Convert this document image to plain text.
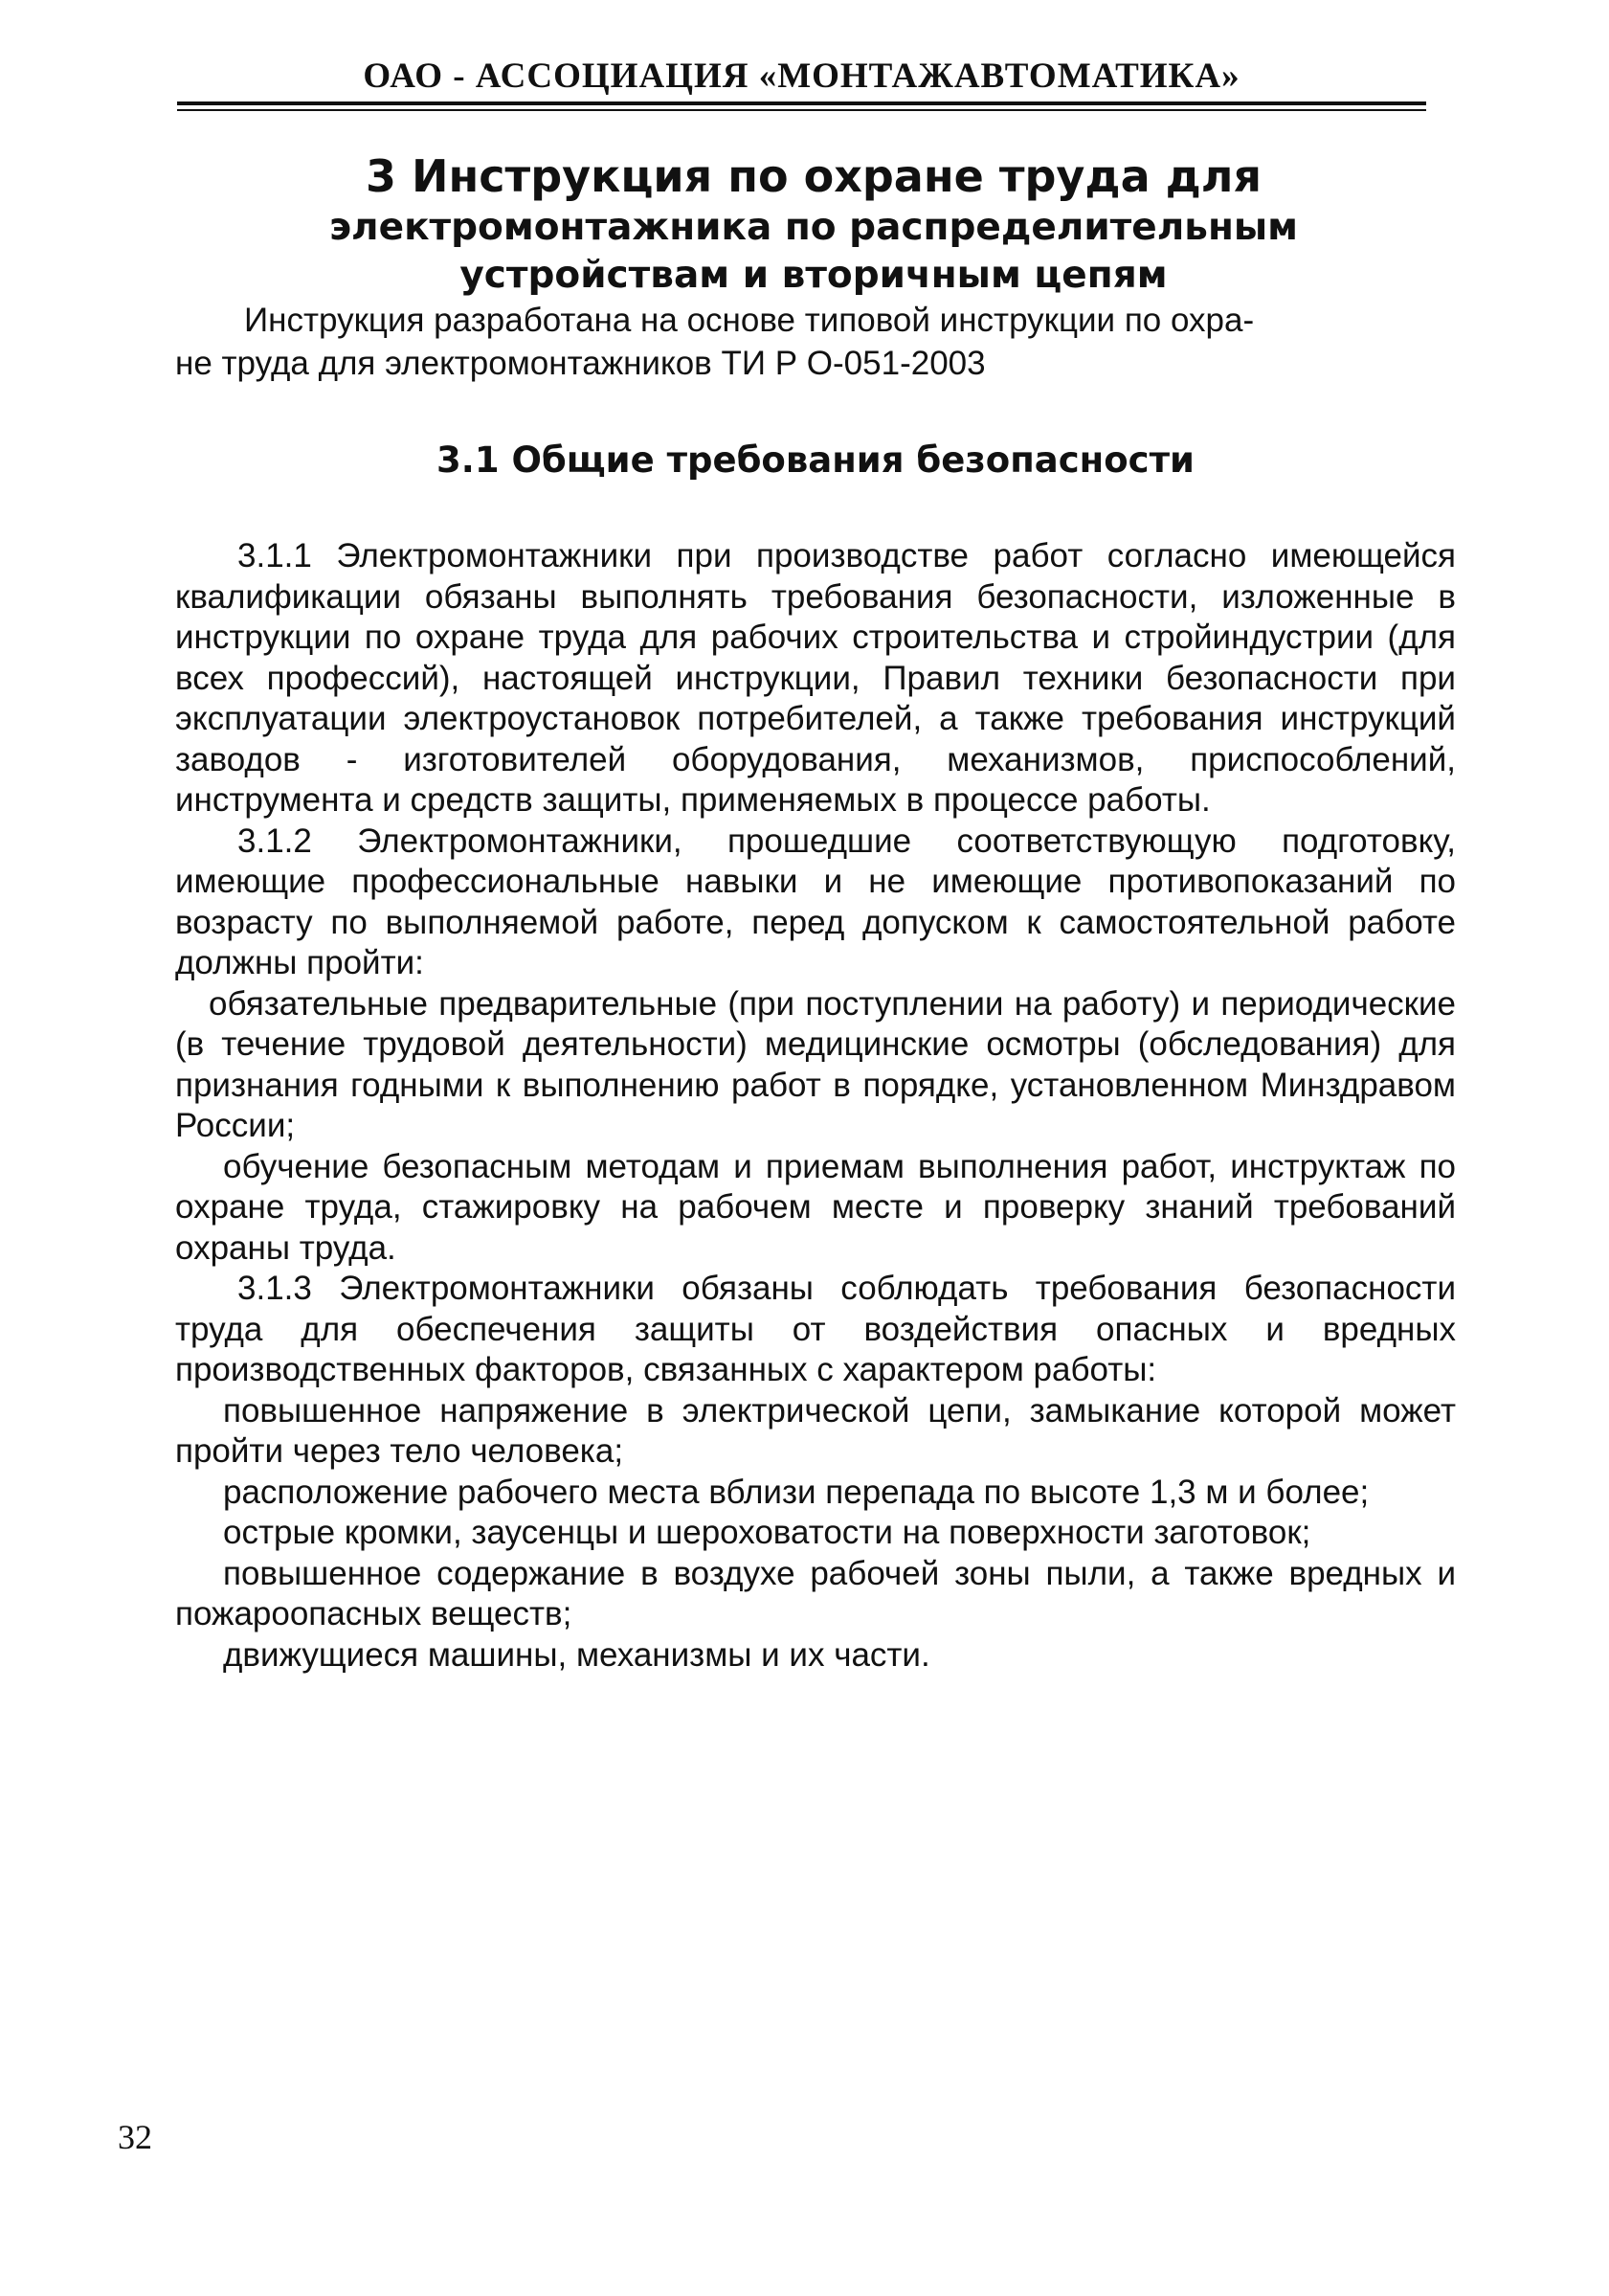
ОАО - АССОЦИАЦИЯ «МОНТАЖАВТОМАТИКА»
3 Инструкция по охране труда для
электромонтажника по распределительным
устройствам и вторичным цепям
Инструкция разработана на основе типовой инструкции по охра-
не труда для электромонтажников ТИ Р О-051-2003
3.1 Общие требования безопасности

3.1.1 Электромонтажники при производстве работ согласно имеющейся квалификации обязаны выполнять требования безопасности, изложенные в инструкции по охране труда для рабочих строительства и стройиндустрии (для всех профессий), настоящей инструкции, Правил техники безопасности при эксплуатации электроустановок потребителей, а также требования инструкций заводов - изготовителей оборудования, механизмов, приспособлений, инструмента и средств защиты, применяемых в процессе работы.

3.1.2 Электромонтажники, прошедшие соответствующую подготовку, имеющие профессиональные навыки и не имеющие противопоказаний по возрасту по выполняемой работе, перед допуском к самостоятельной работе должны пройти:

обязательные предварительные (при поступлении на работу) и периодические (в течение трудовой деятельности) медицинские осмотры (обследования) для признания годными к выполнению работ в порядке, установленном Минздравом России;

обучение безопасным методам и приемам выполнения работ, инструктаж по охране труда, стажировку на рабочем месте и проверку знаний требований охраны труда.

3.1.3 Электромонтажники обязаны соблюдать требования безопасности труда для обеспечения защиты от воздействия опасных и вредных производственных факторов, связанных с характером работы:

повышенное напряжение в электрической цепи, замыкание которой может пройти через тело человека;

расположение рабочего места вблизи перепада по высоте 1,3 м и более;

острые кромки, заусенцы и шероховатости на поверхности заготовок;

повышенное содержание в воздухе рабочей зоны пыли, а также вредных и пожароопасных веществ;

движущиеся машины, механизмы и их части.

32
